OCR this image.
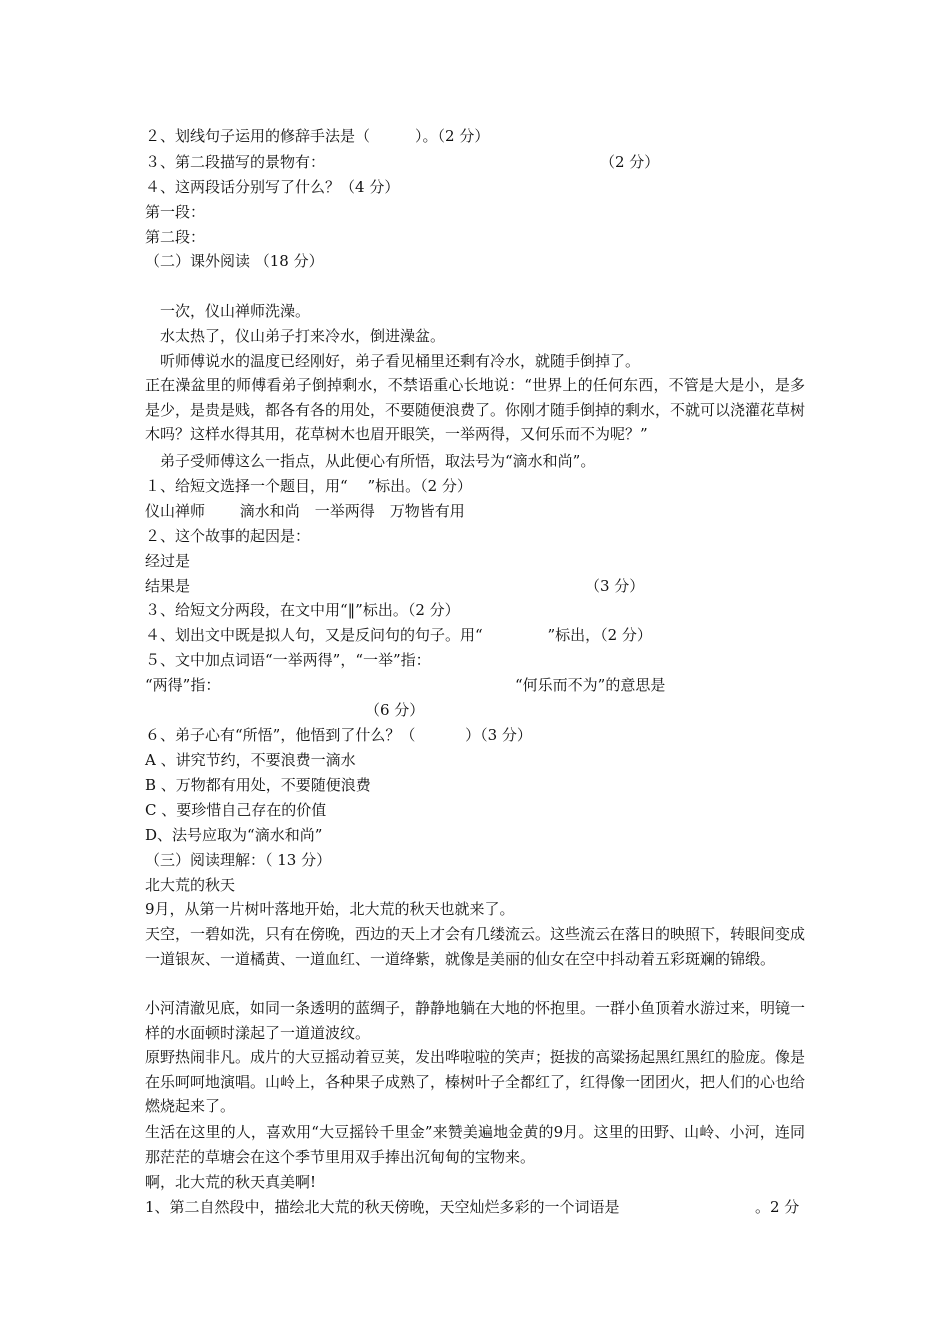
２、划线句子运用的修辞手法是（　　　）。（2 分）
３、第二段描写的景物有：	（2 分）
４、这两段话分别写了什么？（4 分）
第一段：
第二段：
（二）课外阅读 （18 分）
　一次，仪山禅师洗澡。
　水太热了，仪山弟子打来冷水，倒进澡盆。
　听师傅说水的温度已经刚好，弟子看见桶里还剩有冷水，就随手倒掉了。
正在澡盆里的师傅看弟子倒掉剩水，不禁语重心长地说：“世界上的任何东西，不管是大是小，是多是少，是贵是贱，都各有各的用处，不要随便浪费了。你刚才随手倒掉的剩水，不就可以浇灌花草树木吗？这样水得其用，花草树木也眉开眼笑，一举两得，又何乐而不为呢？”
　弟子受师傅这么一指点，从此便心有所悟，取法号为“滴水和尚”。
１、给短文选择一个题目，用“　 ”标出。（2 分）
仪山禅师　　 滴水和尚　一举两得　万物皆有用
２、这个故事的起因是：
经过是
结果是	（3 分）
３、给短文分两段，在文中用“‖”标出。（2 分）
４、划出文中既是拟人句，又是反问句的句子。用“　　　　 ”标出，（2 分）
５、文中加点词语“一举两得”，“一举”指：
“两得”指：	“何乐而不为”的意思是
（6 分）
６、弟子心有“所悟”，他悟到了什么？（　　　 ）（3 分）
A 、讲究节约，不要浪费一滴水
B 、万物都有用处，不要随便浪费
C 、要珍惜自己存在的价值
D、法号应取为“滴水和尚”
（三）阅读理解：（ 13 分）
北大荒的秋天
9月，从第一片树叶落地开始，北大荒的秋天也就来了。
天空，一碧如洗，只有在傍晚，西边的天上才会有几缕流云。这些流云在落日的映照下，转眼间变成一道银灰、一道橘黄、一道血红、一道绛紫，就像是美丽的仙女在空中抖动着五彩斑斓的锦缎。
小河清澈见底，如同一条透明的蓝绸子，静静地躺在大地的怀抱里。一群小鱼顶着水游过来，明镜一样的水面顿时漾起了一道道波纹。
原野热闹非凡。成片的大豆摇动着豆荚，发出哗啦啦的笑声；挺拔的高粱扬起黑红黑红的脸庞。像是在乐呵呵地演唱。山岭上，各种果子成熟了，榛树叶子全都红了，红得像一团团火，把人们的心也给燃烧起来了。
生活在这里的人，喜欢用“大豆摇铃千里金”来赞美遍地金黄的9月。这里的田野、山岭、小河，连同那茫茫的草塘会在这个季节里用双手捧出沉甸甸的宝物来。
啊，北大荒的秋天真美啊!
1、第二自然段中，描绘北大荒的秋天傍晚，天空灿烂多彩的一个词语是	。2 分
